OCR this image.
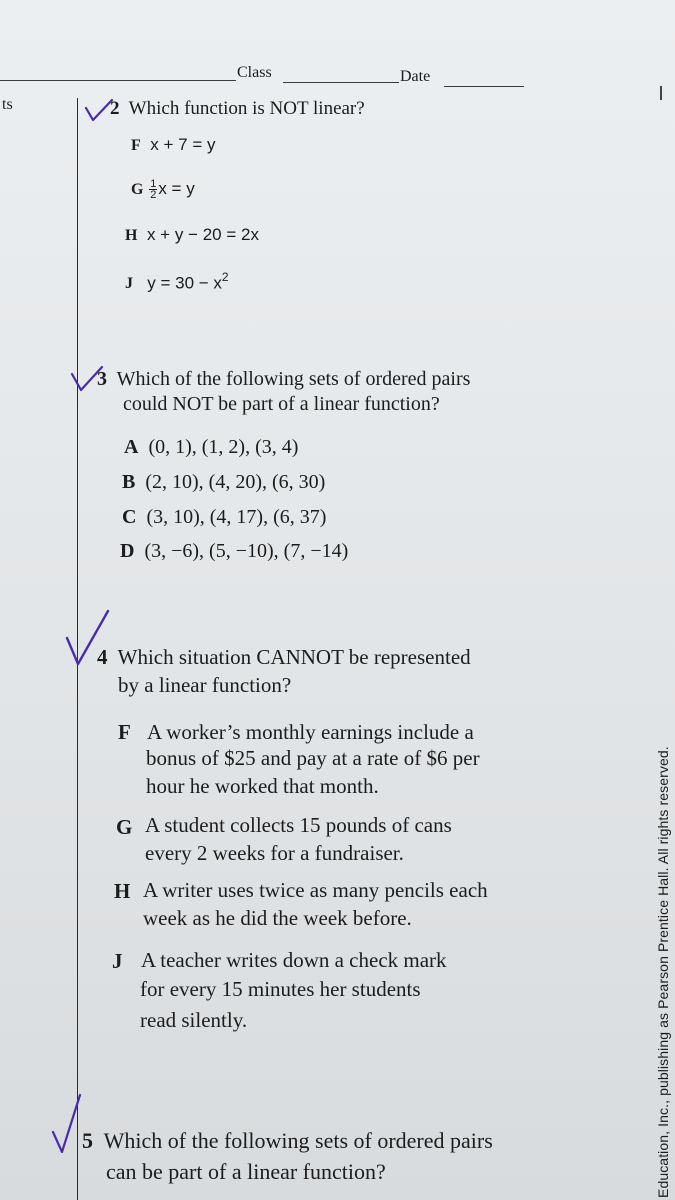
Class	Date
ts	2 Which function is NOT linear?
F x + 7 = y
G $\frac{1}{2}$ x = y
H x + y − 20 = 2x
J $y = 30 - x^2$
3 Which of the following sets of ordered pairs
could NOT be part of a linear function?
A (0, 1), (1, 2), (3, 4)
B (2, 10), (4, 20), (6, 30)
C (3, 10), (4, 17), (6, 37)
D (3, −6), (5, −10), (7, −14)
4 Which situation CANNOT be represented
by a linear function?
F A worker’s monthly earnings include a
bonus of $25 and pay at a rate of $6 per
hour he worked that month.
G A student collects 15 pounds of cans
every 2 weeks for a fundraiser.
H A writer uses twice as many pencils each
week as he did the week before.
J A teacher writes down a check mark
for every 15 minutes her students
read silently.
5 Which of the following sets of ordered pairs
can be part of a linear function?	Education, Inc., publishing as Pearson Prentice Hall. All rights reserved.
